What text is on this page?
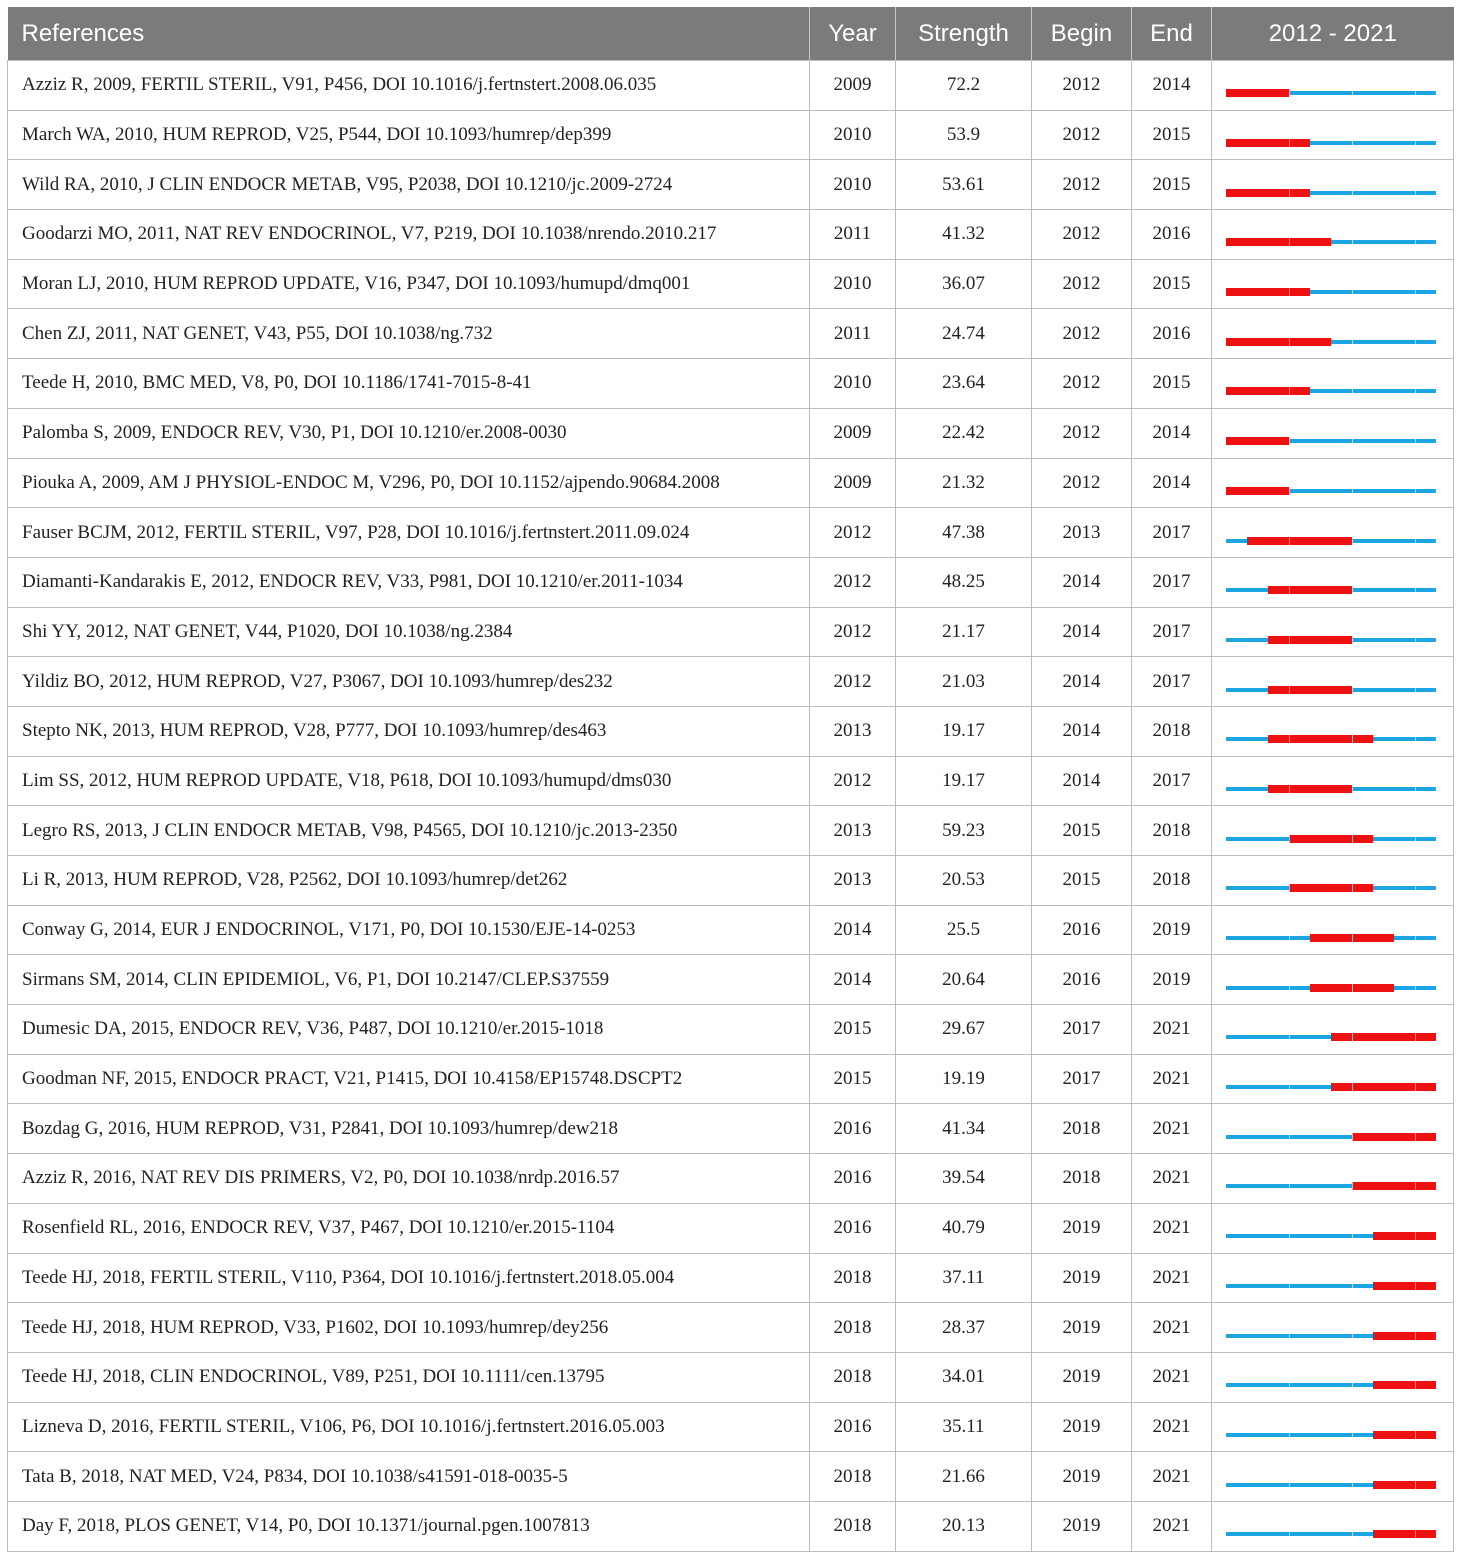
References	Year	Strength	Begin	End	2012 - 2021
Azziz R, 2009, FERTIL STERIL, V91, P456, DOI 10.1016/j.fertnstert.2008.06.035	2009	72.2	2012	2014	

March WA, 2010, HUM REPROD, V25, P544, DOI 10.1093/humrep/dep399	2010	53.9	2012	2015	

Wild RA, 2010, J CLIN ENDOCR METAB, V95, P2038, DOI 10.1210/jc.2009-2724	2010	53.61	2012	2015	

Goodarzi MO, 2011, NAT REV ENDOCRINOL, V7, P219, DOI 10.1038/nrendo.2010.217	2011	41.32	2012	2016	

Moran LJ, 2010, HUM REPROD UPDATE, V16, P347, DOI 10.1093/humupd/dmq001	2010	36.07	2012	2015	

Chen ZJ, 2011, NAT GENET, V43, P55, DOI 10.1038/ng.732	2011	24.74	2012	2016	

Teede H, 2010, BMC MED, V8, P0, DOI 10.1186/1741-7015-8-41	2010	23.64	2012	2015	

Palomba S, 2009, ENDOCR REV, V30, P1, DOI 10.1210/er.2008-0030	2009	22.42	2012	2014	

Piouka A, 2009, AM J PHYSIOL-ENDOC M, V296, P0, DOI 10.1152/ajpendo.90684.2008	2009	21.32	2012	2014	

Fauser BCJM, 2012, FERTIL STERIL, V97, P28, DOI 10.1016/j.fertnstert.2011.09.024	2012	47.38	2013	2017	

Diamanti-Kandarakis E, 2012, ENDOCR REV, V33, P981, DOI 10.1210/er.2011-1034	2012	48.25	2014	2017	

Shi YY, 2012, NAT GENET, V44, P1020, DOI 10.1038/ng.2384	2012	21.17	2014	2017	

Yildiz BO, 2012, HUM REPROD, V27, P3067, DOI 10.1093/humrep/des232	2012	21.03	2014	2017	

Stepto NK, 2013, HUM REPROD, V28, P777, DOI 10.1093/humrep/des463	2013	19.17	2014	2018	

Lim SS, 2012, HUM REPROD UPDATE, V18, P618, DOI 10.1093/humupd/dms030	2012	19.17	2014	2017	

Legro RS, 2013, J CLIN ENDOCR METAB, V98, P4565, DOI 10.1210/jc.2013-2350	2013	59.23	2015	2018	

Li R, 2013, HUM REPROD, V28, P2562, DOI 10.1093/humrep/det262	2013	20.53	2015	2018	

Conway G, 2014, EUR J ENDOCRINOL, V171, P0, DOI 10.1530/EJE-14-0253	2014	25.5	2016	2019	

Sirmans SM, 2014, CLIN EPIDEMIOL, V6, P1, DOI 10.2147/CLEP.S37559	2014	20.64	2016	2019	

Dumesic DA, 2015, ENDOCR REV, V36, P487, DOI 10.1210/er.2015-1018	2015	29.67	2017	2021	

Goodman NF, 2015, ENDOCR PRACT, V21, P1415, DOI 10.4158/EP15748.DSCPT2	2015	19.19	2017	2021	

Bozdag G, 2016, HUM REPROD, V31, P2841, DOI 10.1093/humrep/dew218	2016	41.34	2018	2021	

Azziz R, 2016, NAT REV DIS PRIMERS, V2, P0, DOI 10.1038/nrdp.2016.57	2016	39.54	2018	2021	

Rosenfield RL, 2016, ENDOCR REV, V37, P467, DOI 10.1210/er.2015-1104	2016	40.79	2019	2021	

Teede HJ, 2018, FERTIL STERIL, V110, P364, DOI 10.1016/j.fertnstert.2018.05.004	2018	37.11	2019	2021	

Teede HJ, 2018, HUM REPROD, V33, P1602, DOI 10.1093/humrep/dey256	2018	28.37	2019	2021	

Teede HJ, 2018, CLIN ENDOCRINOL, V89, P251, DOI 10.1111/cen.13795	2018	34.01	2019	2021	

Lizneva D, 2016, FERTIL STERIL, V106, P6, DOI 10.1016/j.fertnstert.2016.05.003	2016	35.11	2019	2021	

Tata B, 2018, NAT MED, V24, P834, DOI 10.1038/s41591-018-0035-5	2018	21.66	2019	2021	

Day F, 2018, PLOS GENET, V14, P0, DOI 10.1371/journal.pgen.1007813	2018	20.13	2019	2021	
